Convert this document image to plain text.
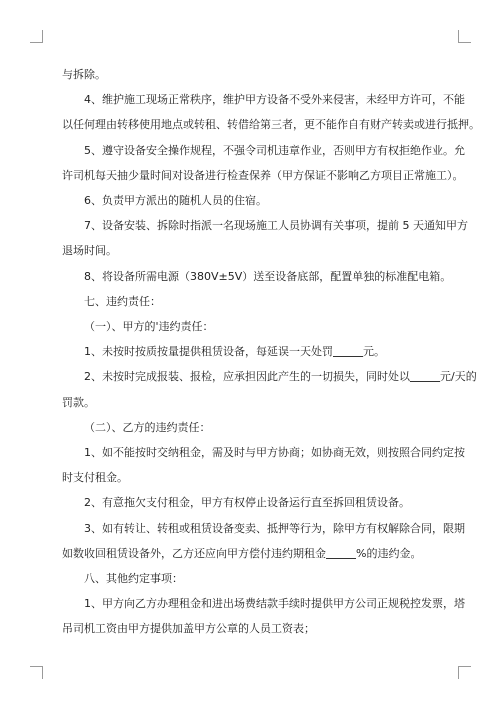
与拆除。

4、维护施工现场正常秩序，维护甲方设备不受外来侵害，未经甲方许可，不能

以任何理由转移使用地点或转租、转借给第三者，更不能作自有财产转卖或进行抵押。

5、遵守设备安全操作规程，不强令司机违章作业，否则甲方有权拒绝作业。允

许司机每天抽少量时间对设备进行检查保养（甲方保证不影响乙方项目正常施工）。

6、负责甲方派出的随机人员的住宿。

7、设备安装、拆除时指派一名现场施工人员协调有关事项，提前 5 天通知甲方

退场时间。

8、将设备所需电源（380V±5V）送至设备底部，配置单独的标准配电箱。

七、违约责任：

（一）、甲方的'违约责任：

1、未按时按质按量提供租赁设备，每延误一天处罚	元。

2、未按时完成报装、报检，应承担因此产生的一切损失，同时处以	元/天的

罚款。

（二）、乙方的违约责任：

1、如不能按时交纳租金，需及时与甲方协商；如协商无效，则按照合同约定按

时支付租金。

2、有意拖欠支付租金，甲方有权停止设备运行直至拆回租赁设备。

3、如有转让、转租或租赁设备变卖、抵押等行为，除甲方有权解除合同，限期

如数收回租赁设备外，乙方还应向甲方偿付违约期租金	%的违约金。

八、其他约定事项：

1、甲方向乙方办理租金和进出场费结款手续时提供甲方公司正规税控发票，塔

吊司机工资由甲方提供加盖甲方公章的人员工资表；
